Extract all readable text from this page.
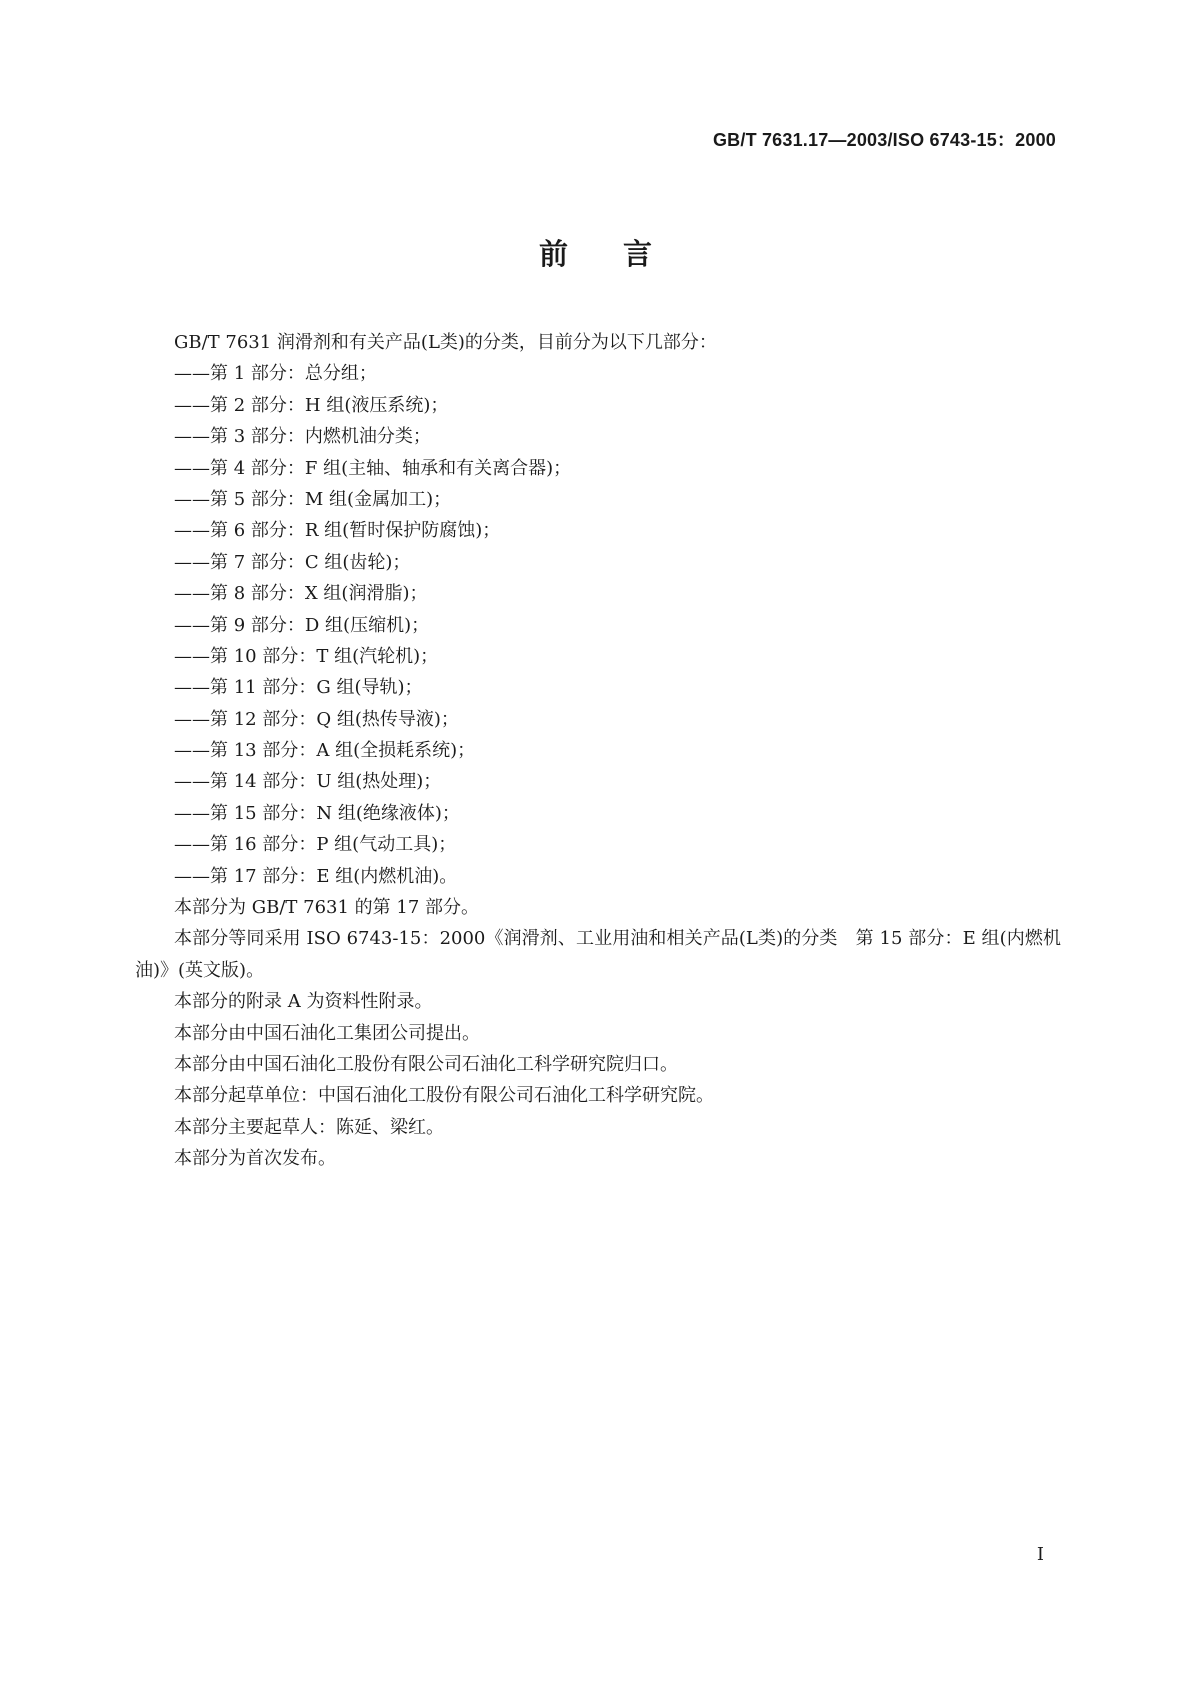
GB/T 7631.17—2003/ISO 6743-15：2000
前言
GB/T 7631 润滑剂和有关产品(L类)的分类，目前分为以下几部分：
——第 1 部分：总分组；
——第 2 部分：H 组(液压系统)；
——第 3 部分：内燃机油分类；
——第 4 部分：F 组(主轴、轴承和有关离合器)；
——第 5 部分：M 组(金属加工)；
——第 6 部分：R 组(暂时保护防腐蚀)；
——第 7 部分：C 组(齿轮)；
——第 8 部分：X 组(润滑脂)；
——第 9 部分：D 组(压缩机)；
——第 10 部分：T 组(汽轮机)；
——第 11 部分：G 组(导轨)；
——第 12 部分：Q 组(热传导液)；
——第 13 部分：A 组(全损耗系统)；
——第 14 部分：U 组(热处理)；
——第 15 部分：N 组(绝缘液体)；
——第 16 部分：P 组(气动工具)；
——第 17 部分：E 组(内燃机油)。
本部分为 GB/T 7631 的第 17 部分。
本部分等同采用 ISO 6743-15：2000《润滑剂、工业用油和相关产品(L类)的分类　第 15 部分：E 组(内燃机油)》(英文版)。
本部分的附录 A 为资料性附录。
本部分由中国石油化工集团公司提出。
本部分由中国石油化工股份有限公司石油化工科学研究院归口。
本部分起草单位：中国石油化工股份有限公司石油化工科学研究院。
本部分主要起草人：陈延、梁红。
本部分为首次发布。
I
